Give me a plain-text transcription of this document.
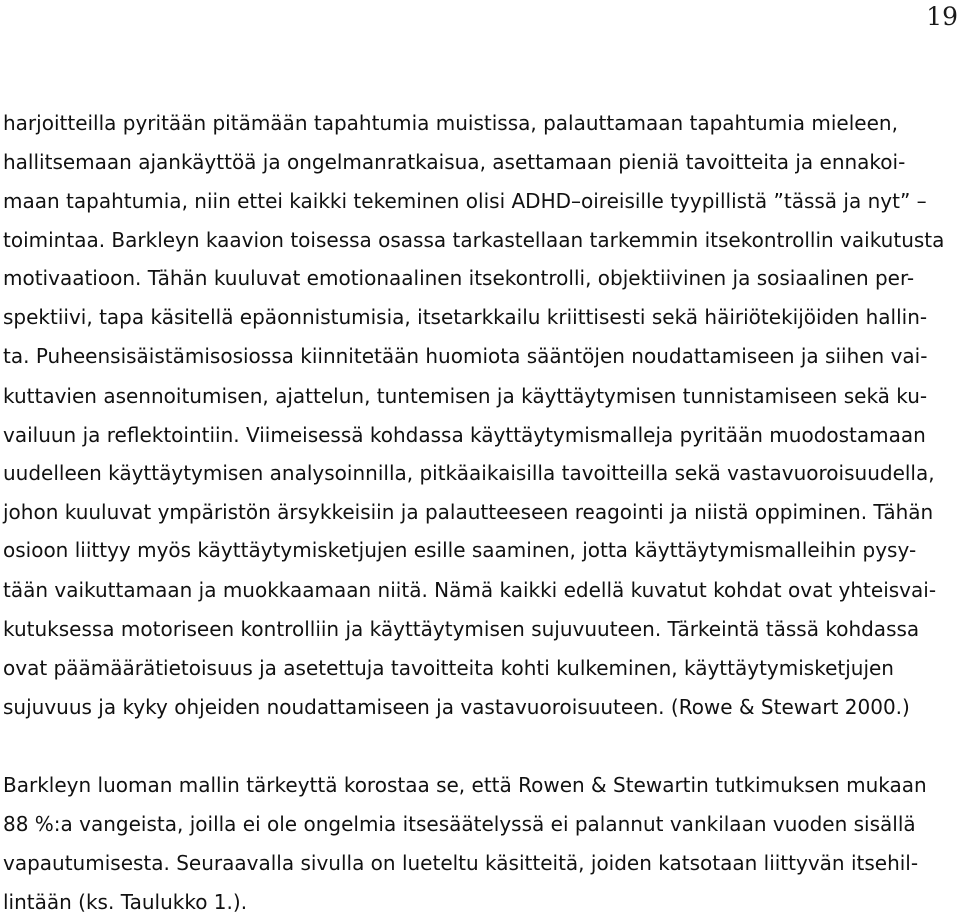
19
harjoitteilla pyritään pitämään tapahtumia muistissa, palauttamaan tapahtumia mieleen,
hallitsemaan ajankäyttöä ja ongelmanratkaisua, asettamaan pieniä tavoitteita ja ennakoi-
maan tapahtumia, niin ettei kaikki tekeminen olisi ADHD–oireisille tyypillistä ”tässä ja nyt” –
toimintaa. Barkleyn kaavion toisessa osassa tarkastellaan tarkemmin itsekontrollin vaikutusta
motivaatioon. Tähän kuuluvat emotionaalinen itsekontrolli, objektiivinen ja sosiaalinen per-
spektiivi, tapa käsitellä epäonnistumisia, itsetarkkailu kriittisesti sekä häiriötekijöiden hallin-
ta. Puheensisäistämisosiossa kiinnitetään huomiota sääntöjen noudattamiseen ja siihen vai-
kuttavien asennoitumisen, ajattelun, tuntemisen ja käyttäytymisen tunnistamiseen sekä ku-
vailuun ja reflektointiin. Viimeisessä kohdassa käyttäytymismalleja pyritään muodostamaan
uudelleen käyttäytymisen analysoinnilla, pitkäaikaisilla tavoitteilla sekä vastavuoroisuudella,
johon kuuluvat ympäristön ärsykkeisiin ja palautteeseen reagointi ja niistä oppiminen. Tähän
osioon liittyy myös käyttäytymisketjujen esille saaminen, jotta käyttäytymismalleihin pysy-
tään vaikuttamaan ja muokkaamaan niitä. Nämä kaikki edellä kuvatut kohdat ovat yhteisvai-
kutuksessa motoriseen kontrolliin ja käyttäytymisen sujuvuuteen. Tärkeintä tässä kohdassa
ovat päämäärätietoisuus ja asetettuja tavoitteita kohti kulkeminen, käyttäytymisketjujen
sujuvuus ja kyky ohjeiden noudattamiseen ja vastavuoroisuuteen. (Rowe & Stewart 2000.)
Barkleyn luoman mallin tärkeyttä korostaa se, että Rowen & Stewartin tutkimuksen mukaan
88 %:a vangeista, joilla ei ole ongelmia itsesäätelyssä ei palannut vankilaan vuoden sisällä
vapautumisesta. Seuraavalla sivulla on lueteltu käsitteitä, joiden katsotaan liittyvän itsehil-
lintään (ks. Taulukko 1.).
